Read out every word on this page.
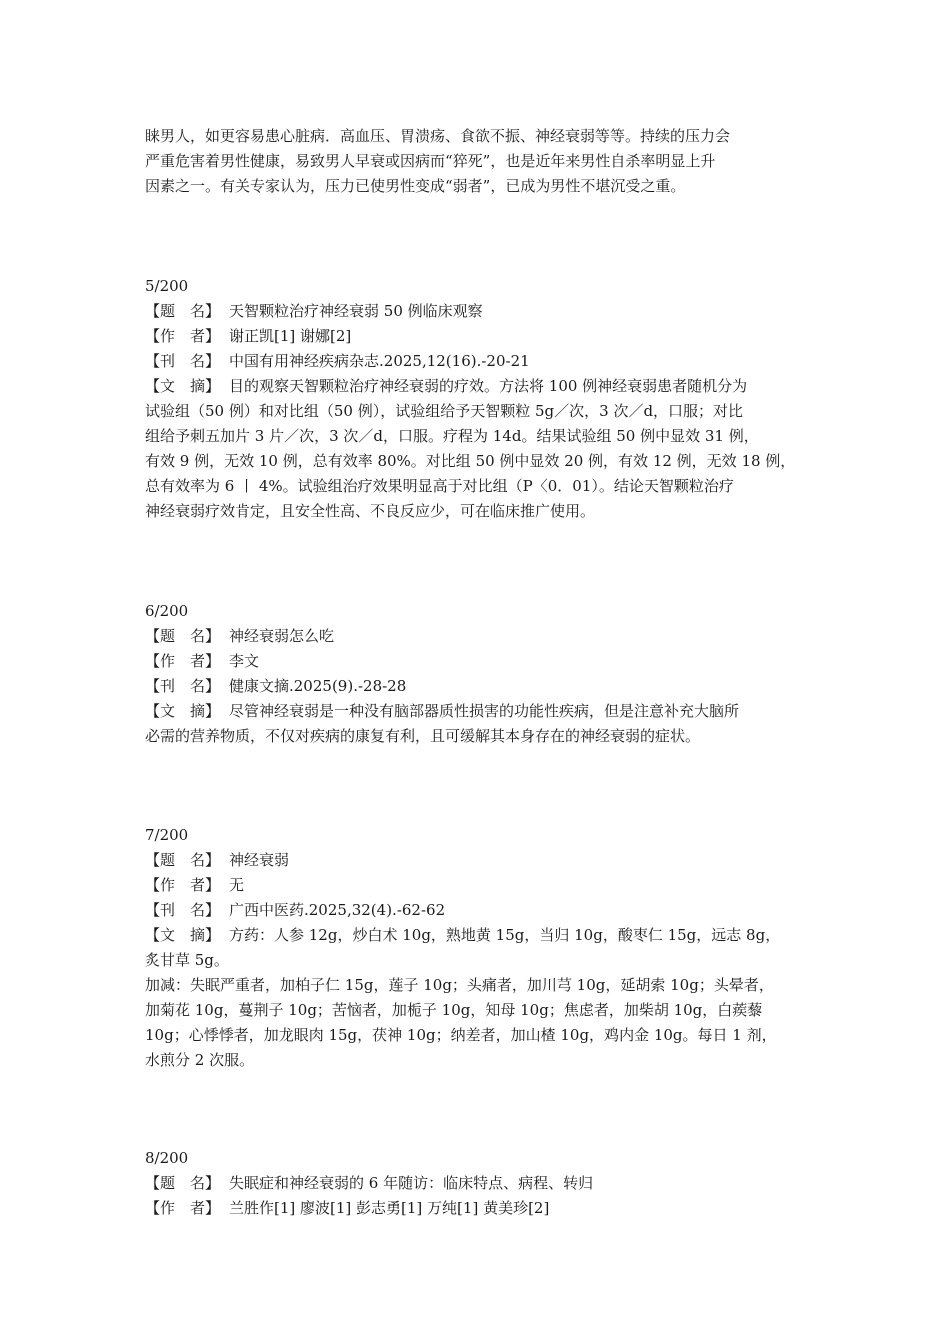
睐男人，如更容易患心脏病．高血压、胃溃疡、食欲不振、神经衰弱等等。持续的压力会

严重危害着男性健康，易致男人早衰或因病而“猝死”，也是近年来男性自杀率明显上升

因素之一。有关专家认为，压力已使男性变成“弱者”，已成为男性不堪沉受之重。

5/200

【题　名】 天智颗粒治疗神经衰弱 50 例临床观察

【作　者】 谢正凯[1] 谢娜[2]

【刊　名】 中国有用神经疾病杂志.2025,12(16).-20-21

【文　摘】 目的观察天智颗粒治疗神经衰弱的疗效。方法将 100 例神经衰弱患者随机分为

试验组（50 例）和对比组（50 例），试验组给予天智颗粒 5g／次，3 次／d，口服；对比

组给予刺五加片 3 片／次，3 次／d，口服。疗程为 14d。结果试验组 50 例中显效 31 例，

有效 9 例，无效 10 例，总有效率 80%。对比组 50 例中显效 20 例，有效 12 例，无效 18 例，

总有效率为 6 丨 4%。试验组治疗效果明显高于对比组（P〈0．01）。结论天智颗粒治疗

神经衰弱疗效肯定，且安全性高、不良反应少，可在临床推广使用。

6/200

【题　名】 神经衰弱怎么吃

【作　者】 李文

【刊　名】 健康文摘.2025(9).-28-28

【文　摘】 尽管神经衰弱是一种没有脑部器质性损害的功能性疾病，但是注意补充大脑所

必需的营养物质，不仅对疾病的康复有利，且可缓解其本身存在的神经衰弱的症状。

7/200

【题　名】 神经衰弱

【作　者】 无

【刊　名】 广西中医药.2025,32(4).-62-62

【文　摘】 方药：人参 12g，炒白术 10g，熟地黄 15g，当归 10g，酸枣仁 15g，远志 8g，

炙甘草 5g。

加减：失眠严重者，加柏子仁 15g，莲子 10g；头痛者，加川芎 10g，延胡索 10g；头晕者，

加菊花 10g，蔓荆子 10g；苦恼者，加栀子 10g，知母 10g；焦虑者，加柴胡 10g，白蒺藜

10g；心悸悸者，加龙眼肉 15g，茯神 10g；纳差者，加山楂 10g，鸡内金 10g。每日 1 剂，

水煎分 2 次服。

8/200

【题　名】 失眠症和神经衰弱的 6 年随访：临床特点、病程、转归

【作　者】 兰胜作[1] 廖波[1] 彭志勇[1] 万纯[1] 黄美珍[2]
